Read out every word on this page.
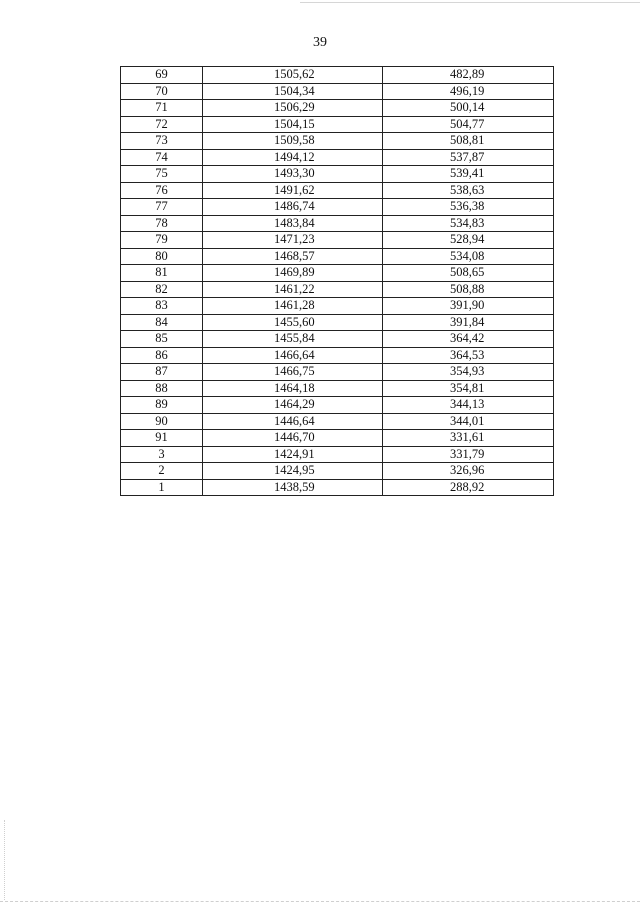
39
69	1505,62	482,89
70	1504,34	496,19
71	1506,29	500,14
72	1504,15	504,77
73	1509,58	508,81
74	1494,12	537,87
75	1493,30	539,41
76	1491,62	538,63
77	1486,74	536,38
78	1483,84	534,83
79	1471,23	528,94
80	1468,57	534,08
81	1469,89	508,65
82	1461,22	508,88
83	1461,28	391,90
84	1455,60	391,84
85	1455,84	364,42
86	1466,64	364,53
87	1466,75	354,93
88	1464,18	354,81
89	1464,29	344,13
90	1446,64	344,01
91	1446,70	331,61
3	1424,91	331,79
2	1424,95	326,96
1	1438,59	288,92
